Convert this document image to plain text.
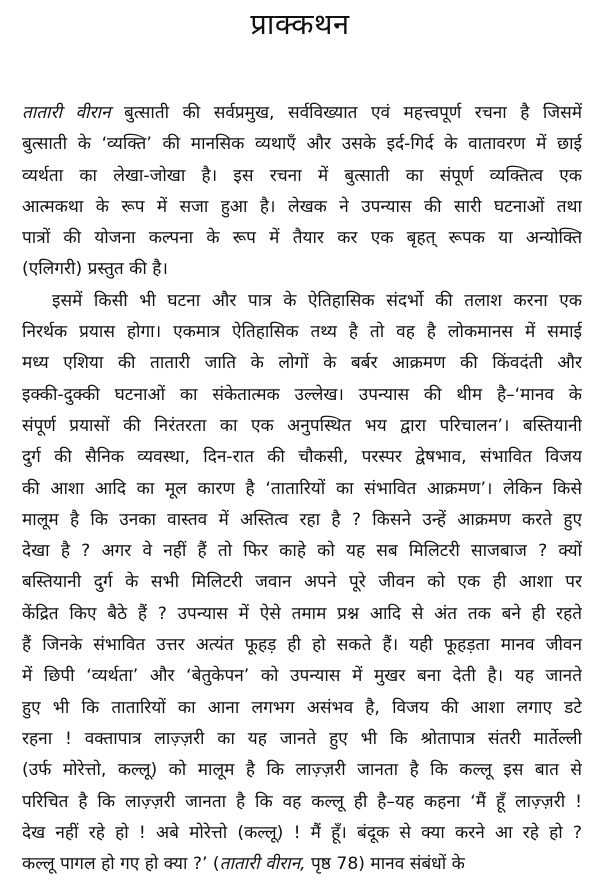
प्राक्कथन
तातारी वीरान बुत्साती की सर्वप्रमुख, सर्वविख्यात एवं महत्त्वपूर्ण रचना है जिसमें
बुत्साती के ‘व्यक्ति’ की मानसिक व्यथाएँ और उसके इर्द-गिर्द के वातावरण में छाई
व्यर्थता का लेखा-जोखा है। इस रचना में बुत्साती का संपूर्ण व्यक्तित्व एक
आत्मकथा के रूप में सजा हुआ है। लेखक ने उपन्यास की सारी घटनाओं तथा
पात्रों की योजना कल्पना के रूप में तैयार कर एक बृहत् रूपक या अन्योक्ति
(एलिगरी) प्रस्तुत की है।
इसमें किसी भी घटना और पात्र के ऐतिहासिक संदर्भो की तलाश करना एक
निरर्थक प्रयास होगा। एकमात्र ऐतिहासिक तथ्य है तो वह है लोकमानस में समाई
मध्य एशिया की तातारी जाति के लोगों के बर्बर आक्रमण की किंवदंती और
इक्की-दुक्की घटनाओं का संकेतात्मक उल्लेख। उपन्यास की थीम है–‘मानव के
संपूर्ण प्रयासों की निरंतरता का एक अनुपस्थित भय द्वारा परिचालन’। बस्तियानी
दुर्ग की सैनिक व्यवस्था, दिन-रात की चौकसी, परस्पर द्वेषभाव, संभावित विजय
की आशा आदि का मूल कारण है ‘तातारियों का संभावित आक्रमण’। लेकिन किसे
मालूम है कि उनका वास्तव में अस्तित्व रहा है ? किसने उन्हें आक्रमण करते हुए
देखा है ? अगर वे नहीं हैं तो फिर काहे को यह सब मिलिटरी साजबाज ? क्यों
बस्तियानी दुर्ग के सभी मिलिटरी जवान अपने पूरे जीवन को एक ही आशा पर
केंद्रित किए बैठे हैं ? उपन्यास में ऐसे तमाम प्रश्न आदि से अंत तक बने ही रहते
हैं जिनके संभावित उत्तर अत्यंत फूहड़ ही हो सकते हैं। यही फूहड़ता मानव जीवन
में छिपी ‘व्यर्थता’ और ‘बेतुकेपन’ को उपन्यास में मुखर बना देती है। यह जानते
हुए भी कि तातारियों का आना लगभग असंभव है, विजय की आशा लगाए डटे
रहना ! वक्तापात्र लाज़्ज़री का यह जानते हुए भी कि श्रोतापात्र संतरी मार्तेल्ली
(उर्फ मोरेत्तो, कल्लू) को मालूम है कि लाज़्ज़री जानता है कि कल्लू इस बात से
परिचित है कि लाज़्ज़री जानता है कि वह कल्लू ही है–यह कहना ‘मैं हूँ लाज़्ज़री !
देख नहीं रहे हो ! अबे मोरेत्तो (कल्लू) ! मैं हूँ। बंदूक से क्या करने आ रहे हो ?
कल्लू पागल हो गए हो क्या ?’ (तातारी वीरान, पृष्ठ 78) मानव संबंधों के
